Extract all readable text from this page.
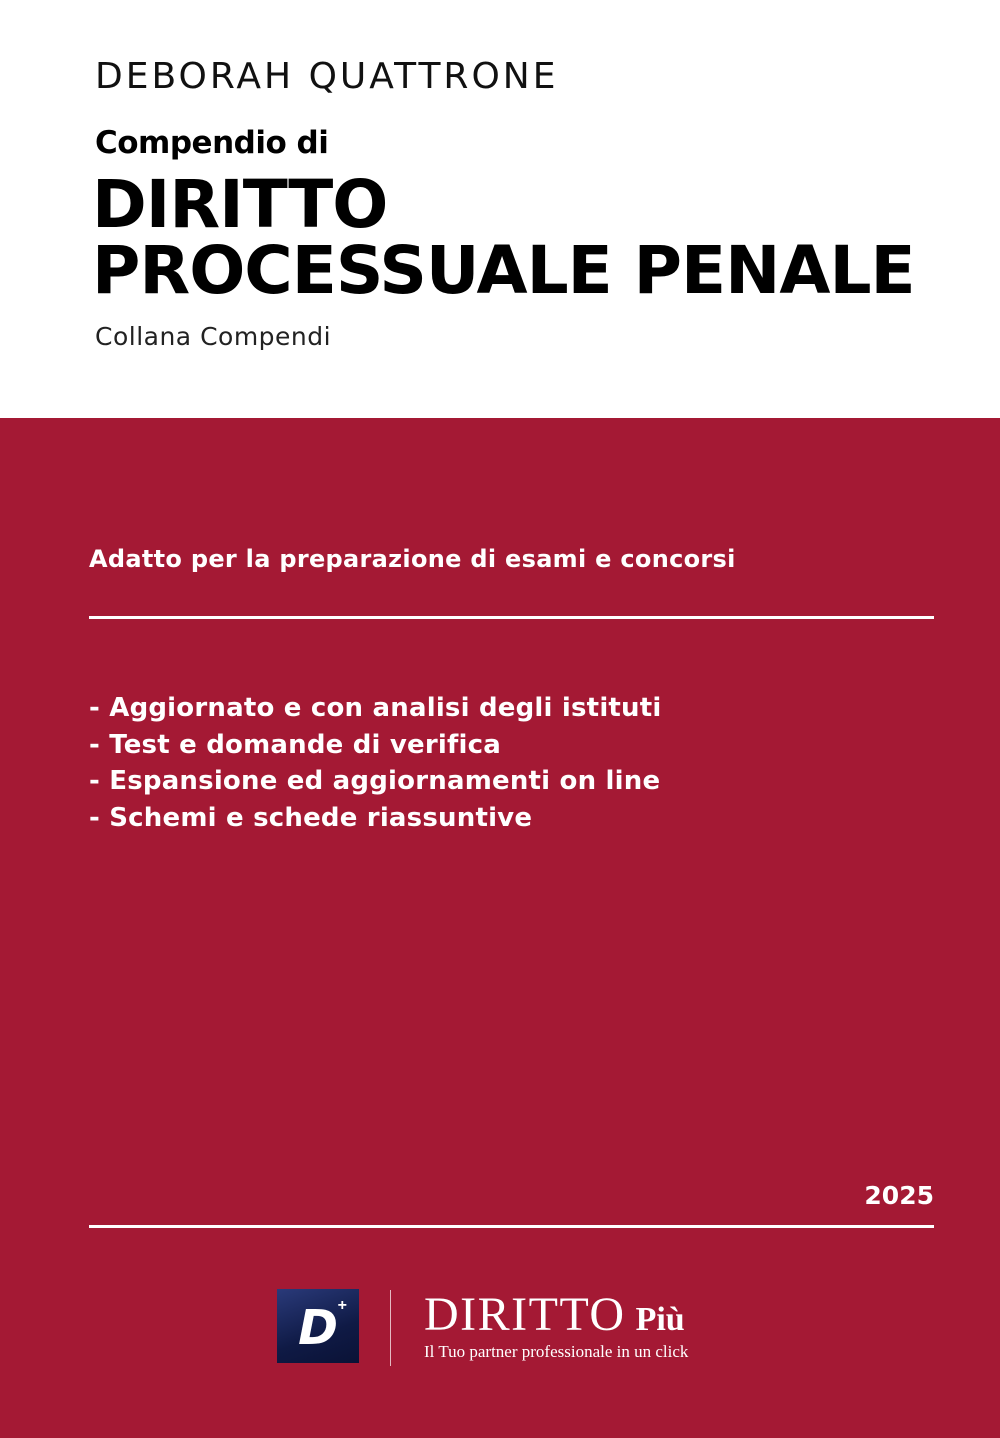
DEBORAH QUATTRONE
Compendio di
DIRITTO
PROCESSUALE PENALE
Collana Compendi
Adatto per la preparazione di esami e concorsi
- Aggiornato e con analisi degli istituti
- Test e domande di verifica
- Espansione ed aggiornamenti on line
- Schemi e schede riassuntive
2025
D + DIRITTO Più
Il Tuo partner professionale in un click
